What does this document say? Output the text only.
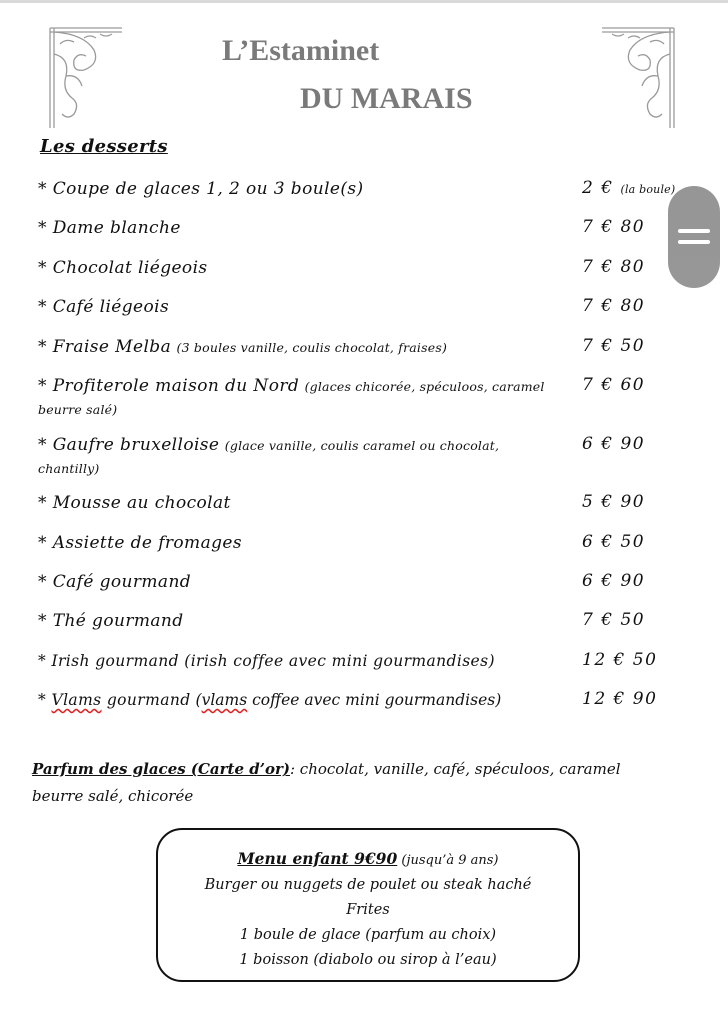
L’Estaminet
DU MARAIS
Les desserts
* Coupe de glaces 1, 2 ou 3 boule(s)	2 € (la boule)
* Dame blanche	7 € 80
* Chocolat liégeois	7 € 80
* Café liégeois	7 € 80
* Fraise Melba (3 boules vanille, coulis chocolat, fraises)	7 € 50
* Profiterole maison du Nord (glaces chicorée, spéculoos, caramel beurre salé)
7 € 60
* Gaufre bruxelloise (glace vanille, coulis caramel ou chocolat, chantilly)
6 € 90
* Mousse au chocolat	5 € 90
* Assiette de fromages	6 € 50
* Café gourmand	6 € 90
* Thé gourmand	7 € 50
* Irish gourmand (irish coffee avec mini gourmandises)	12 € 50
* Vlams gourmand (vlams coffee avec mini gourmandises)	12 € 90
Parfum des glaces (Carte d’or): chocolat, vanille, café, spéculoos, caramel beurre salé, chicorée
Menu enfant 9€90 (jusqu’à 9 ans)
Burger ou nuggets de poulet ou steak haché
Frites
1 boule de glace (parfum au choix)
1 boisson (diabolo ou sirop à l’eau)
